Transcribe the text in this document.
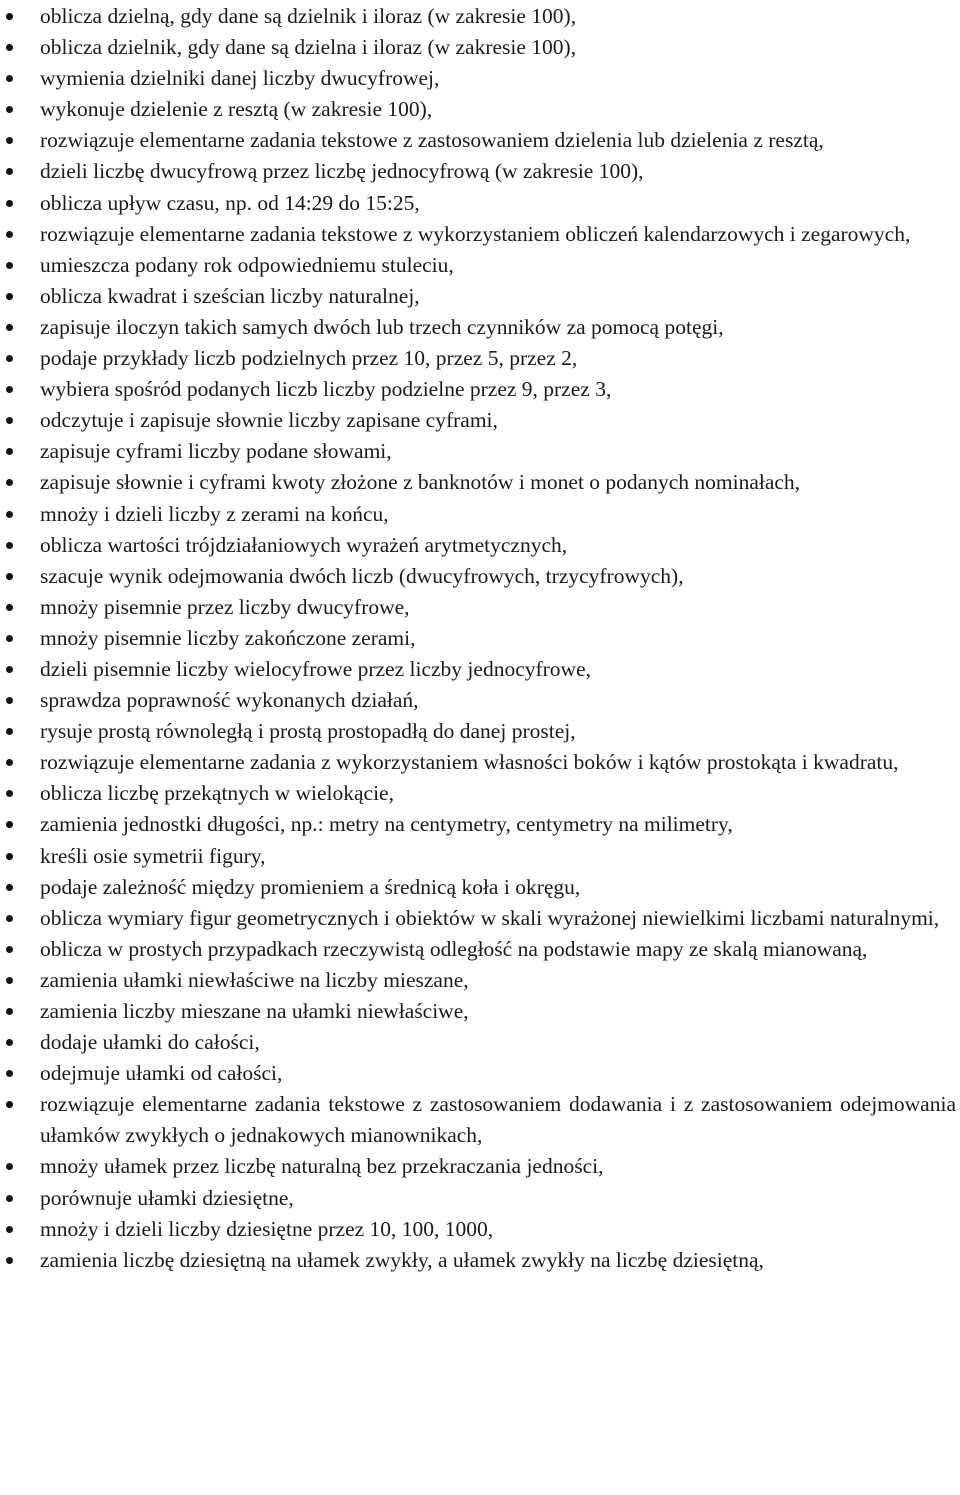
oblicza dzielną, gdy dane są dzielnik i iloraz (w zakresie 100),
oblicza dzielnik, gdy dane są dzielna i iloraz (w zakresie 100),
wymienia dzielniki danej liczby dwucyfrowej,
wykonuje dzielenie z resztą (w zakresie 100),
rozwiązuje elementarne zadania tekstowe z zastosowaniem dzielenia lub dzielenia z resztą,
dzieli liczbę dwucyfrową przez liczbę jednocyfrową (w zakresie 100),
oblicza upływ czasu, np. od 14:29 do 15:25,
rozwiązuje elementarne zadania tekstowe z wykorzystaniem obliczeń kalendarzowych i zegarowych,
umieszcza podany rok odpowiedniemu stuleciu,
oblicza kwadrat i sześcian liczby naturalnej,
zapisuje iloczyn takich samych dwóch lub trzech czynników za pomocą potęgi,
podaje przykłady liczb podzielnych przez 10, przez 5, przez 2,
wybiera spośród podanych liczb liczby podzielne przez 9, przez 3,
odczytuje i zapisuje słownie liczby zapisane cyframi,
zapisuje cyframi liczby podane słowami,
zapisuje słownie i cyframi kwoty złożone z banknotów i monet o podanych nominałach,
mnoży i dzieli liczby z zerami na końcu,
oblicza wartości trójdziałaniowych wyrażeń arytmetycznych,
szacuje wynik odejmowania dwóch liczb (dwucyfrowych, trzycyfrowych),
mnoży pisemnie przez liczby dwucyfrowe,
mnoży pisemnie liczby zakończone zerami,
dzieli pisemnie liczby wielocyfrowe przez liczby jednocyfrowe,
sprawdza poprawność wykonanych działań,
rysuje prostą równoległą i prostą prostopadłą do danej prostej,
rozwiązuje elementarne zadania z wykorzystaniem własności boków i kątów prostokąta i kwadratu,
oblicza liczbę przekątnych w wielokącie,
zamienia jednostki długości, np.: metry na centymetry, centymetry na milimetry,
kreśli osie symetrii figury,
podaje zależność między promieniem a średnicą koła i okręgu,
oblicza wymiary figur geometrycznych i obiektów w skali wyrażonej niewielkimi liczbami naturalnymi,
oblicza w prostych przypadkach rzeczywistą odległość na podstawie mapy ze skalą mianowaną,
zamienia ułamki niewłaściwe na liczby mieszane,
zamienia liczby mieszane na ułamki niewłaściwe,
dodaje ułamki do całości,
odejmuje ułamki od całości,
rozwiązuje elementarne zadania tekstowe z zastosowaniem dodawania i z zastosowaniem odejmowania ułamków zwykłych o jednakowych mianownikach,
mnoży ułamek przez liczbę naturalną bez przekraczania jedności,
porównuje ułamki dziesiętne,
mnoży i dzieli liczby dziesiętne przez 10, 100, 1000,
zamienia liczbę dziesiętną na ułamek zwykły, a ułamek zwykły na liczbę dziesiętną,
